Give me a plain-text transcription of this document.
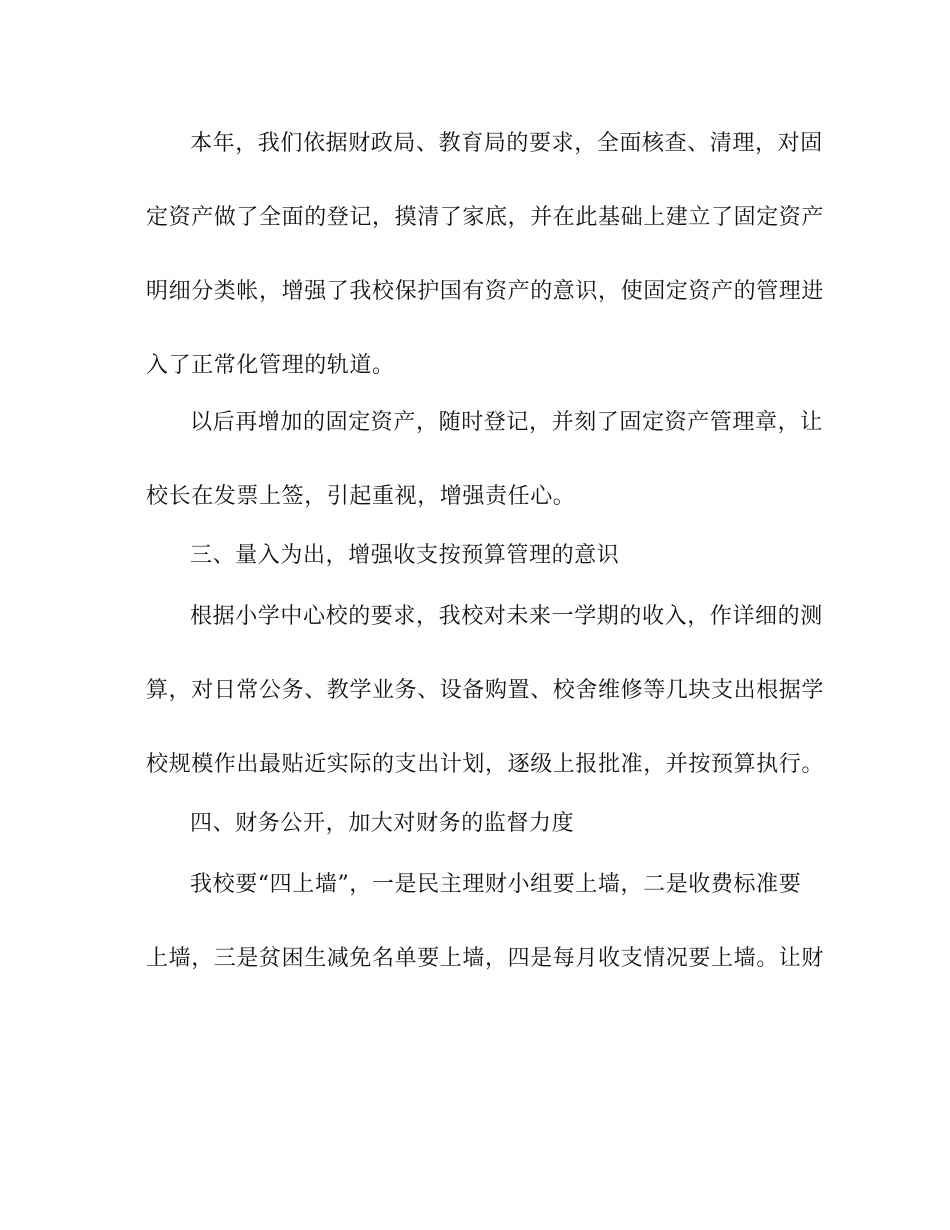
本年，我们依据财政局、教育局的要求，全面核查、清理，对固
定资产做了全面的登记，摸清了家底，并在此基础上建立了固定资产
明细分类帐，增强了我校保护国有资产的意识，使固定资产的管理进
入了正常化管理的轨道。
以后再增加的固定资产，随时登记，并刻了固定资产管理章，让
校长在发票上签，引起重视，增强责任心。
三、量入为出，增强收支按预算管理的意识
根据小学中心校的要求，我校对未来一学期的收入，作详细的测
算，对日常公务、教学业务、设备购置、校舍维修等几块支出根据学
校规模作出最贴近实际的支出计划，逐级上报批准，并按预算执行。
四、财务公开，加大对财务的监督力度
我校要“四上墙”，一是民主理财小组要上墙，二是收费标准要
上墙，三是贫困生减免名单要上墙，四是每月收支情况要上墙。让财
